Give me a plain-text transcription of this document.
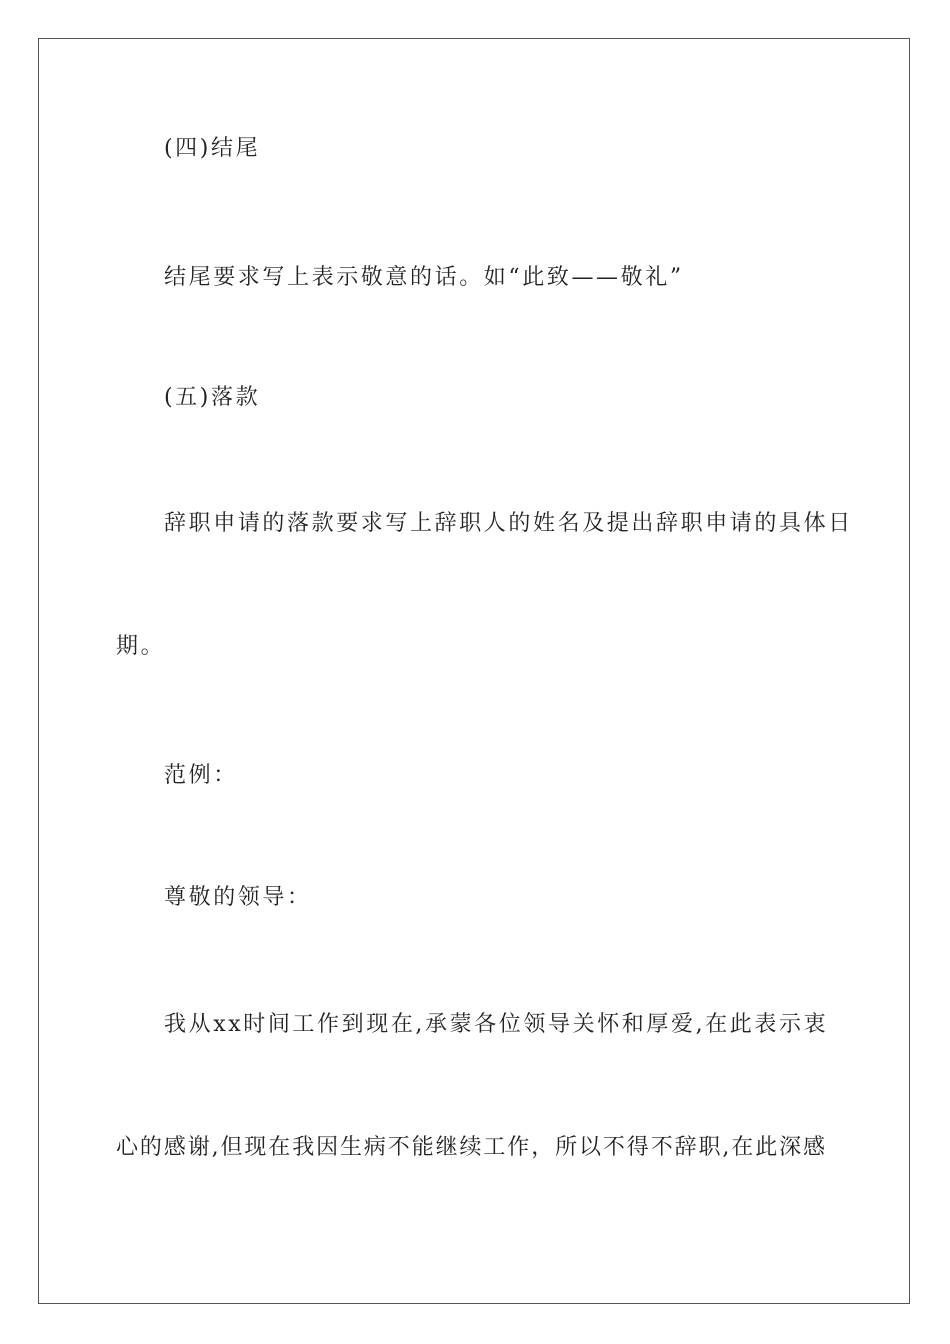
(四)结尾

结尾要求写上表示敬意的话。如“此致——敬礼”

(五)落款

辞职申请的落款要求写上辞职人的姓名及提出辞职申请的具体日

期。

范例：

尊敬的领导：

我从xx时间工作到现在,承蒙各位领导关怀和厚爱,在此表示衷

心的感谢,但现在我因生病不能继续工作，所以不得不辞职,在此深感
